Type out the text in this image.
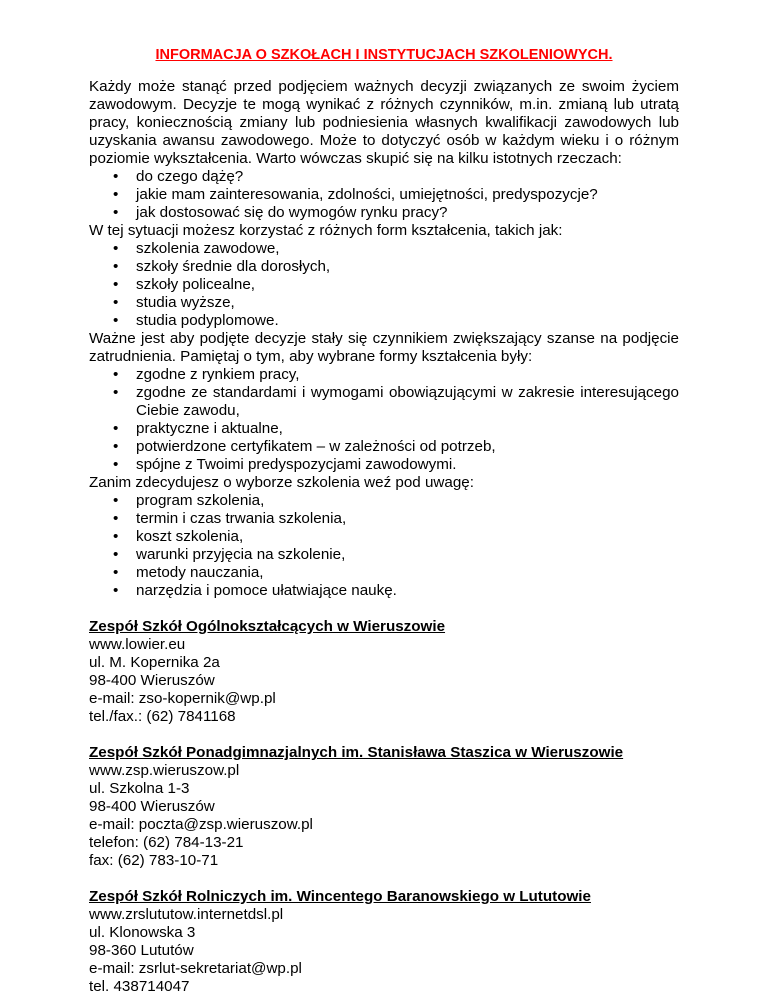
INFORMACJA O SZKOŁACH I INSTYTUCJACH SZKOLENIOWYCH.

Każdy może stanąć przed podjęciem ważnych decyzji związanych ze swoim życiem zawodowym. Decyzje te mogą wynikać z różnych czynników, m.in. zmianą lub utratą pracy, koniecznością zmiany lub podniesienia własnych kwalifikacji zawodowych lub uzyskania awansu zawodowego. Może to dotyczyć osób w każdym wieku i o różnym poziomie wykształcenia. Warto wówczas skupić się na kilku istotnych rzeczach:

• do czego dążę?
• jakie mam zainteresowania, zdolności, umiejętności, predyspozycje?
• jak dostosować się do wymogów rynku pracy?

W tej sytuacji możesz korzystać z różnych form kształcenia, takich jak:

• szkolenia zawodowe,
• szkoły średnie dla dorosłych,
• szkoły policealne,
• studia wyższe,
• studia podyplomowe.

Ważne jest aby podjęte decyzje stały się czynnikiem zwiększający szanse na podjęcie zatrudnienia. Pamiętaj o tym, aby wybrane formy kształcenia były:

• zgodne z rynkiem pracy,
• zgodne ze standardami i wymogami obowiązującymi w zakresie interesującego Ciebie zawodu,
• praktyczne i aktualne,
• potwierdzone certyfikatem – w zależności od potrzeb,
• spójne z Twoimi predyspozycjami zawodowymi.

Zanim zdecydujesz o wyborze szkolenia weź pod uwagę:

• program szkolenia,
• termin i czas trwania szkolenia,
• koszt szkolenia,
• warunki przyjęcia na szkolenie,
• metody nauczania,
• narzędzia i pomoce ułatwiające naukę.

Zespół Szkół Ogólnokształcących w Wieruszowie

www.lowier.eu

ul. M. Kopernika 2a

98-400 Wieruszów

e-mail: zso-kopernik@wp.pl

tel./fax.: (62) 7841168

Zespół Szkół Ponadgimnazjalnych im. Stanisława Staszica w Wieruszowie

www.zsp.wieruszow.pl

ul. Szkolna 1-3

98-400 Wieruszów

e-mail: poczta@zsp.wieruszow.pl

telefon: (62) 784-13-21

fax: (62) 783-10-71

Zespół Szkół Rolniczych im. Wincentego Baranowskiego w Lututowie

www.zrslututow.internetdsl.pl

ul. Klonowska 3

98-360 Lututów

e-mail: zsrlut-sekretariat@wp.pl

tel. 438714047
